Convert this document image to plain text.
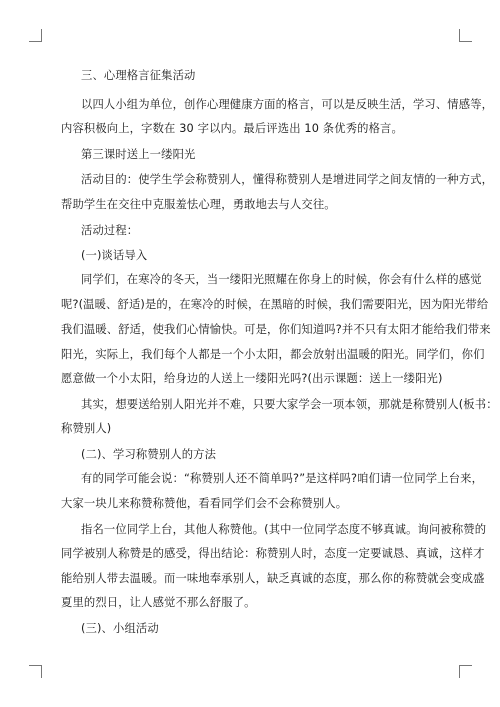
三、心理格言征集活动
以四人小组为单位，创作心理健康方面的格言，可以是反映生活，学习、情感等，
内容积极向上，字数在 30 字以内。最后评选出 10 条优秀的格言。
第三课时送上一缕阳光
活动目的：使学生学会称赞别人，懂得称赞别人是增进同学之间友情的一种方式，
帮助学生在交往中克服羞怯心理，勇敢地去与人交往。
活动过程：
(一)谈话导入
同学们，在寒冷的冬天，当一缕阳光照耀在你身上的时候，你会有什么样的感觉
呢?(温暖、舒适)是的，在寒冷的时候，在黑暗的时候，我们需要阳光，因为阳光带给
我们温暖、舒适，使我们心情愉快。可是，你们知道吗?并不只有太阳才能给我们带来
阳光，实际上，我们每个人都是一个小太阳，都会放射出温暖的阳光。同学们，你们
愿意做一个小太阳，给身边的人送上一缕阳光吗?(出示课题：送上一缕阳光)
其实，想要送给别人阳光并不难，只要大家学会一项本领，那就是称赞别人(板书：
称赞别人)
(二)、学习称赞别人的方法
有的同学可能会说：“称赞别人还不简单吗?”是这样吗?咱们请一位同学上台来，
大家一块儿来称赞称赞他，看看同学们会不会称赞别人。
指名一位同学上台，其他人称赞他。(其中一位同学态度不够真诚。询问被称赞的
同学被别人称赞是的感受，得出结论：称赞别人时，态度一定要诚恳、真诚，这样才
能给别人带去温暖。而一味地奉承别人，缺乏真诚的态度，那么你的称赞就会变成盛
夏里的烈日，让人感觉不那么舒服了。
(三)、小组活动
